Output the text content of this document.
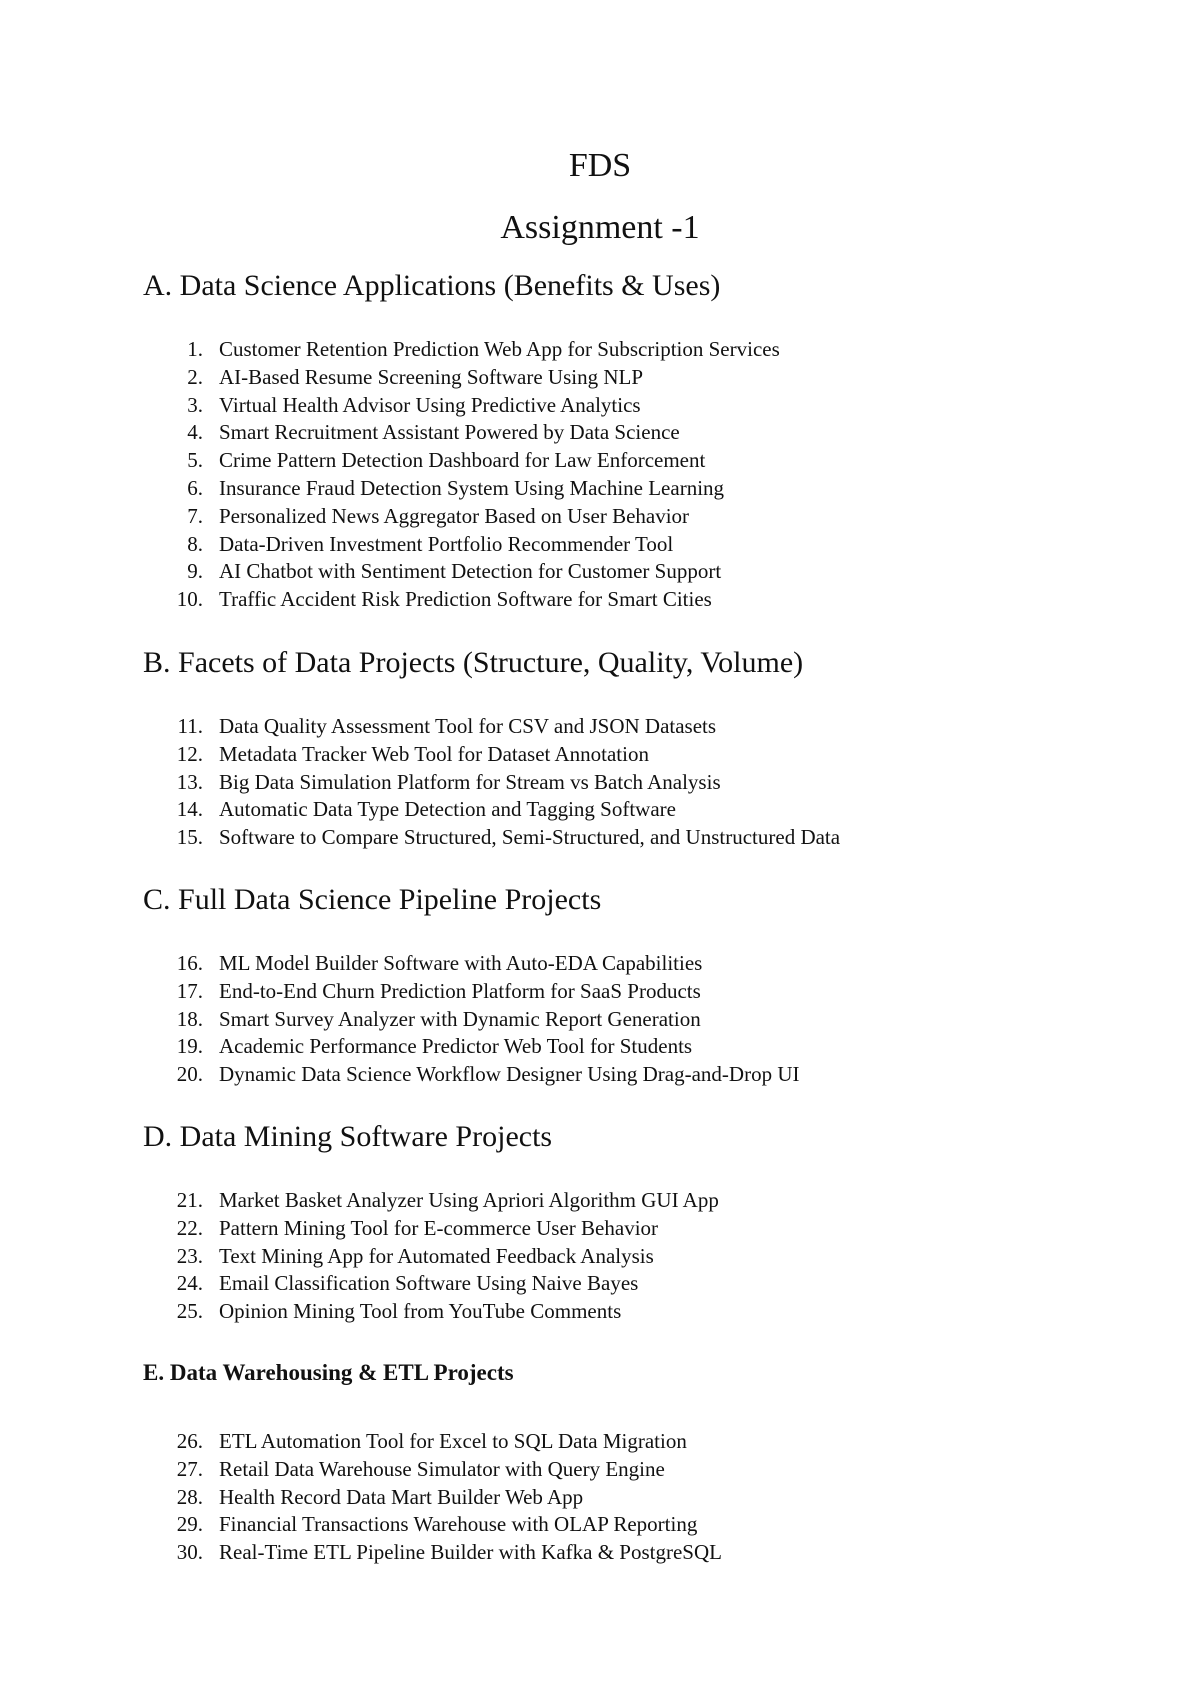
FDS
Assignment -1
A. Data Science Applications (Benefits & Uses)
1. Customer Retention Prediction Web App for Subscription Services
2. AI-Based Resume Screening Software Using NLP
3. Virtual Health Advisor Using Predictive Analytics
4. Smart Recruitment Assistant Powered by Data Science
5. Crime Pattern Detection Dashboard for Law Enforcement
6. Insurance Fraud Detection System Using Machine Learning
7. Personalized News Aggregator Based on User Behavior
8. Data-Driven Investment Portfolio Recommender Tool
9. AI Chatbot with Sentiment Detection for Customer Support
10. Traffic Accident Risk Prediction Software for Smart Cities
B. Facets of Data Projects (Structure, Quality, Volume)
11. Data Quality Assessment Tool for CSV and JSON Datasets
12. Metadata Tracker Web Tool for Dataset Annotation
13. Big Data Simulation Platform for Stream vs Batch Analysis
14. Automatic Data Type Detection and Tagging Software
15. Software to Compare Structured, Semi-Structured, and Unstructured Data
C. Full Data Science Pipeline Projects
16. ML Model Builder Software with Auto-EDA Capabilities
17. End-to-End Churn Prediction Platform for SaaS Products
18. Smart Survey Analyzer with Dynamic Report Generation
19. Academic Performance Predictor Web Tool for Students
20. Dynamic Data Science Workflow Designer Using Drag-and-Drop UI
D. Data Mining Software Projects
21. Market Basket Analyzer Using Apriori Algorithm GUI App
22. Pattern Mining Tool for E-commerce User Behavior
23. Text Mining App for Automated Feedback Analysis
24. Email Classification Software Using Naive Bayes
25. Opinion Mining Tool from YouTube Comments
E. Data Warehousing & ETL Projects
26. ETL Automation Tool for Excel to SQL Data Migration
27. Retail Data Warehouse Simulator with Query Engine
28. Health Record Data Mart Builder Web App
29. Financial Transactions Warehouse with OLAP Reporting
30. Real-Time ETL Pipeline Builder with Kafka & PostgreSQL
